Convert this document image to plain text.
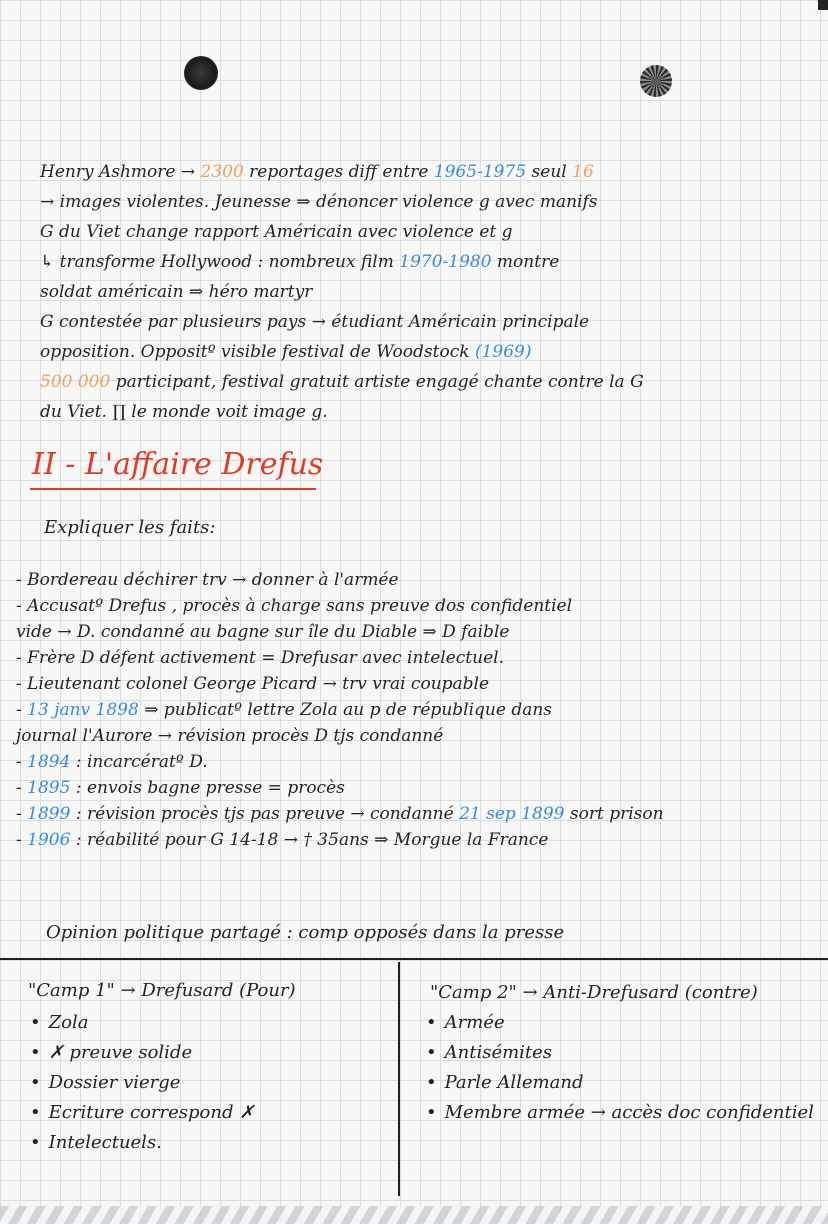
Henry Ashmore → 2300 reportages diff entre 1965-1975 seul 16
→ images violentes. Jeunesse ⇒ dénoncer violence g avec manifs
G du Viet change rapport Américain avec violence et g
↳ transforme Hollywood : nombreux film 1970-1980 montre
soldat américain ⇒ héro martyr
G contestée par plusieurs pays → étudiant Américain principale
opposition. Oppositº visible festival de Woodstock (1969)
500 000 participant, festival gratuit artiste engagé chante contre la G
du Viet. ∏ le monde voit image g.
II - L'affaire Drefus
Expliquer les faits:
- Bordereau déchirer trv → donner à l'armée
- Accusatº Drefus , procès à charge sans preuve dos confidentiel
vide → D. condanné au bagne sur île du Diable ⇒ D faible
- Frère D défent activement = Drefusar avec intelectuel.
- Lieutenant colonel George Picard → trv vrai coupable
- 13 janv 1898 ⇒ publicatº lettre Zola au p de république dans
journal l'Aurore → révision procès D tjs condanné
- 1894 : incarcératº D.
- 1895 : envois bagne presse = procès
- 1899 : révision procès tjs pas preuve → condanné 21 sep 1899 sort prison
- 1906 : réabilité pour G 14-18 → † 35ans ⇒ Morgue la France
Opinion politique partagé : comp opposés dans la presse
"Camp 1" → Drefusard (Pour)
• Zola
• ✗ preuve solide
• Dossier vierge
• Ecriture correspond ✗
• Intelectuels.
"Camp 2" → Anti-Drefusard (contre)
• Armée
• Antisémites
• Parle Allemand
• Membre armée → accès doc confidentiel
